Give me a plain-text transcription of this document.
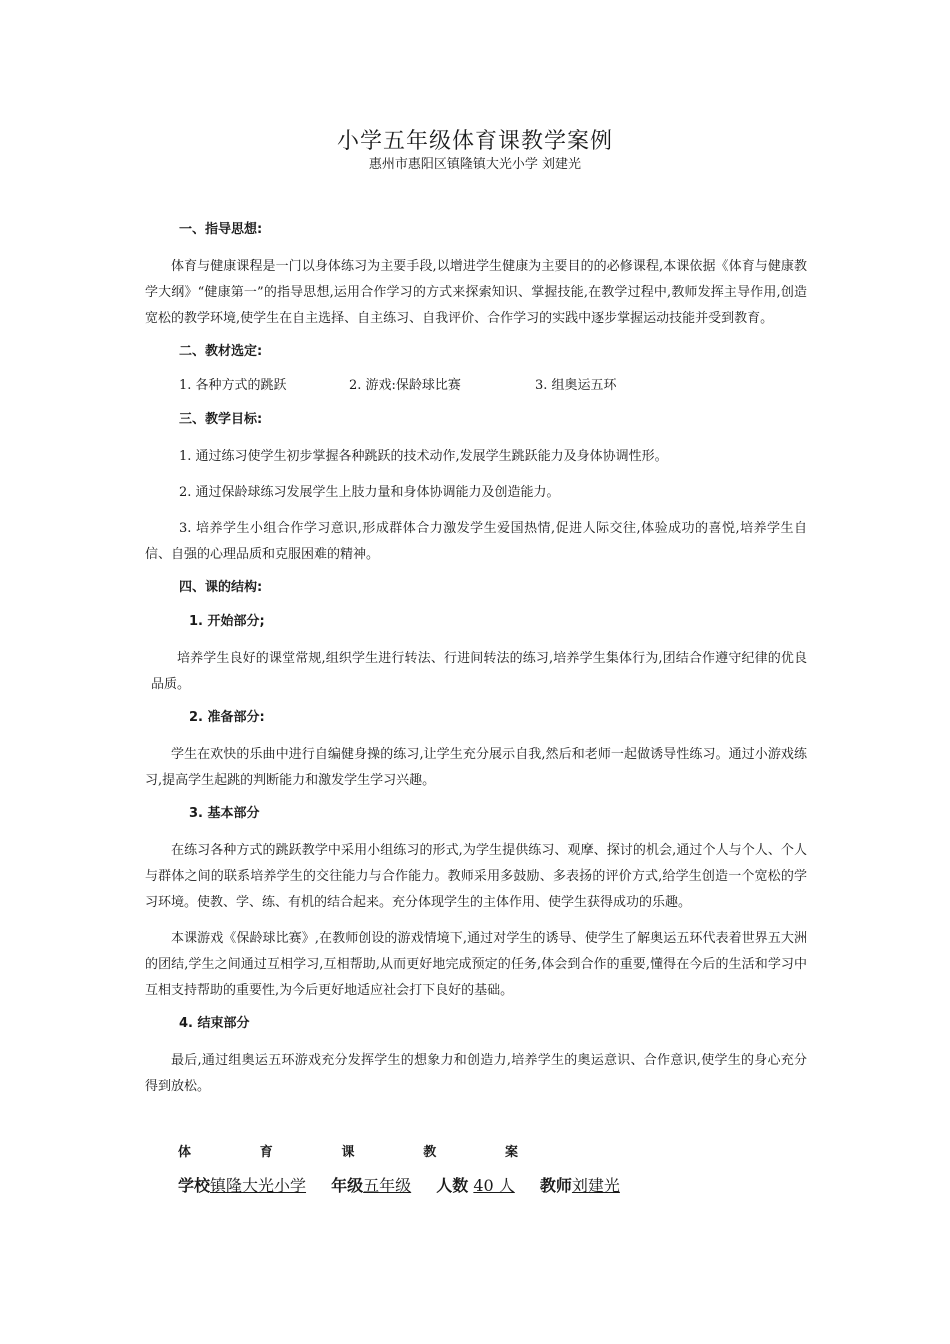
小学五年级体育课教学案例
惠州市惠阳区镇隆镇大光小学 刘建光
一、指导思想:
体育与健康课程是一门以身体练习为主要手段,以增进学生健康为主要目的的必修课程,本课依据《体育与健康教学大纲》“健康第一”的指导思想,运用合作学习的方式来探索知识、掌握技能,在教学过程中,教师发挥主导作用,创造宽松的教学环境,使学生在自主选择、自主练习、自我评价、合作学习的实践中逐步掌握运动技能并受到教育。
二、教材选定:
1. 各种方式的跳跃	2. 游戏:保龄球比赛	3. 组奥运五环
三、教学目标:
1. 通过练习使学生初步掌握各种跳跃的技术动作,发展学生跳跃能力及身体协调性形。
2. 通过保龄球练习发展学生上肢力量和身体协调能力及创造能力。
3. 培养学生小组合作学习意识,形成群体合力激发学生爱国热情,促进人际交往,体验成功的喜悦,培养学生自信、自强的心理品质和克服困难的精神。
四、课的结构:
1. 开始部分;
培养学生良好的课堂常规,组织学生进行转法、行进间转法的练习,培养学生集体行为,团结合作遵守纪律的优良品质。
2. 准备部分:
学生在欢快的乐曲中进行自编健身操的练习,让学生充分展示自我,然后和老师一起做诱导性练习。通过小游戏练习,提高学生起跳的判断能力和激发学生学习兴趣。
3. 基本部分
在练习各种方式的跳跃教学中采用小组练习的形式,为学生提供练习、观摩、探讨的机会,通过个人与个人、个人与群体之间的联系培养学生的交往能力与合作能力。教师采用多鼓励、多表扬的评价方式,给学生创造一个宽松的学习环境。使教、学、练、有机的结合起来。充分体现学生的主体作用、使学生获得成功的乐趣。
本课游戏《保龄球比赛》,在教师创设的游戏情境下,通过对学生的诱导、使学生了解奥运五环代表着世界五大洲的团结,学生之间通过互相学习,互相帮助,从而更好地完成预定的任务,体会到合作的重要,懂得在今后的生活和学习中互相支持帮助的重要性,为今后更好地适应社会打下良好的基础。
4. 结束部分
最后,通过组奥运五环游戏充分发挥学生的想象力和创造力,培养学生的奥运意识、合作意识,使学生的身心充分得到放松。
体	育	课	教	案
学校镇隆大光小学 年级五年级 人数 40 人 教师刘建光
